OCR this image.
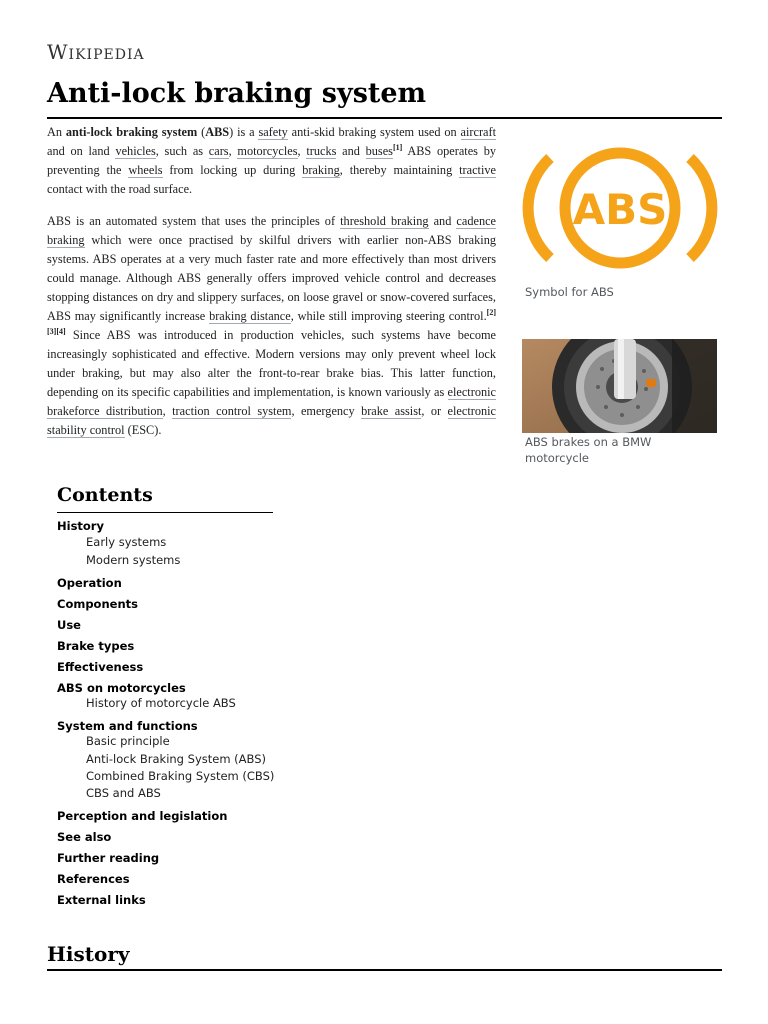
Wikipedia
Anti-lock braking system

An anti-lock braking system (ABS) is a safety anti-skid braking system used on aircraft and on land vehicles, such as cars, motorcycles, trucks and buses[1] ABS operates by preventing the wheels from locking up during braking, thereby maintaining tractive contact with the road surface.

ABS is an automated system that uses the principles of threshold braking and cadence braking which were once practised by skilful drivers with earlier non-ABS braking systems. ABS operates at a very much faster rate and more effectively than most drivers could manage. Although ABS generally offers improved vehicle control and decreases stopping distances on dry and slippery surfaces, on loose gravel or snow-covered surfaces, ABS may significantly increase braking distance, while still improving steering control.[2][3][4] Since ABS was introduced in production vehicles, such systems have become increasingly sophisticated and effective. Modern versions may only prevent wheel lock under braking, but may also alter the front-to-rear brake bias. This latter function, depending on its specific capabilities and implementation, is known variously as electronic brakeforce distribution, traction control system, emergency brake assist, or electronic stability control (ESC).

ABS
Symbol for ABS
ABS brakes on a BMW motorcycle
Contents
History
Early systems
Modern systems
Operation
Components
Use
Brake types
Effectiveness
ABS on motorcycles
History of motorcycle ABS
System and functions
Basic principle
Anti-lock Braking System (ABS)
Combined Braking System (CBS)
CBS and ABS
Perception and legislation
See also
Further reading
References
External links
History
